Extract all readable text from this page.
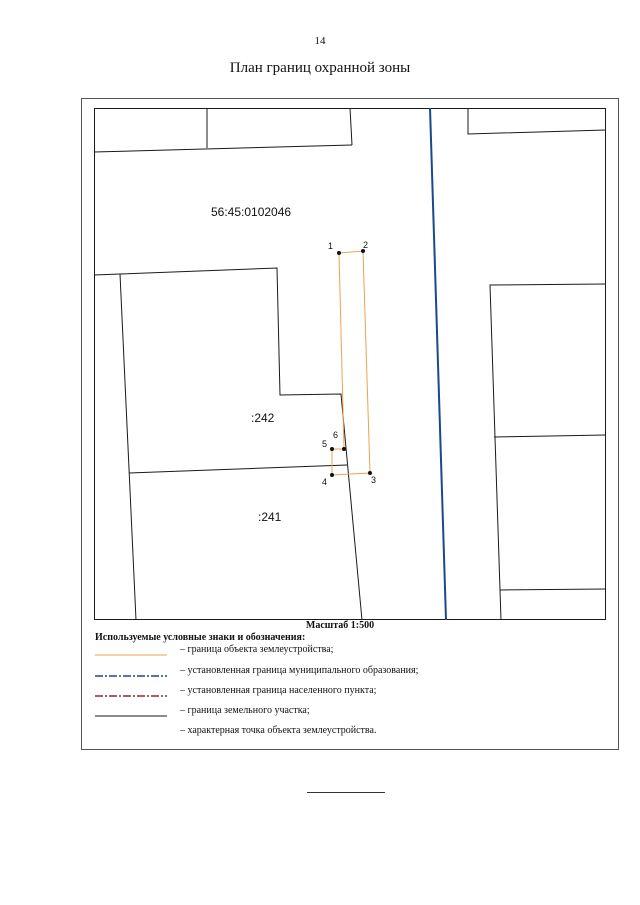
14
План границ охранной зоны
1	2
3
4
5
6
56:45:0102046
:242
:241
Масштаб 1:500
Используемые условные знаки и обозначения:
– граница объекта землеустройства;
– установленная граница муниципального образования;
– установленная граница населенного пункта;
– граница земельного участка;
– характерная точка объекта землеустройства.
